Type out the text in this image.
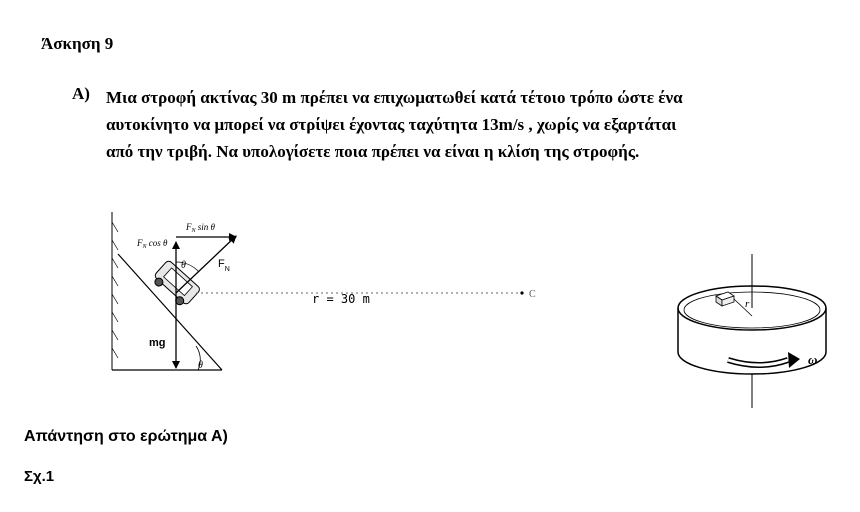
Άσκηση 9
Α) Μια στροφή ακτίνας 30 m πρέπει να επιχωματωθεί κατά τέτοιο τρόπο ώστε ένα
αυτοκίνητο να μπορεί να στρίψει έχοντας ταχύτητα 13m/s , χωρίς να εξαρτάται
από την τριβή. Να υπολογίσετε ποια πρέπει να είναι η κλίση της στροφής.
$F_N$ sin θ
$F_N$ cos θ
$F_N$
θ
θ
mg
r = 30 m	C
r
ω
Απάντηση στο ερώτημα Α)
Σχ.1
